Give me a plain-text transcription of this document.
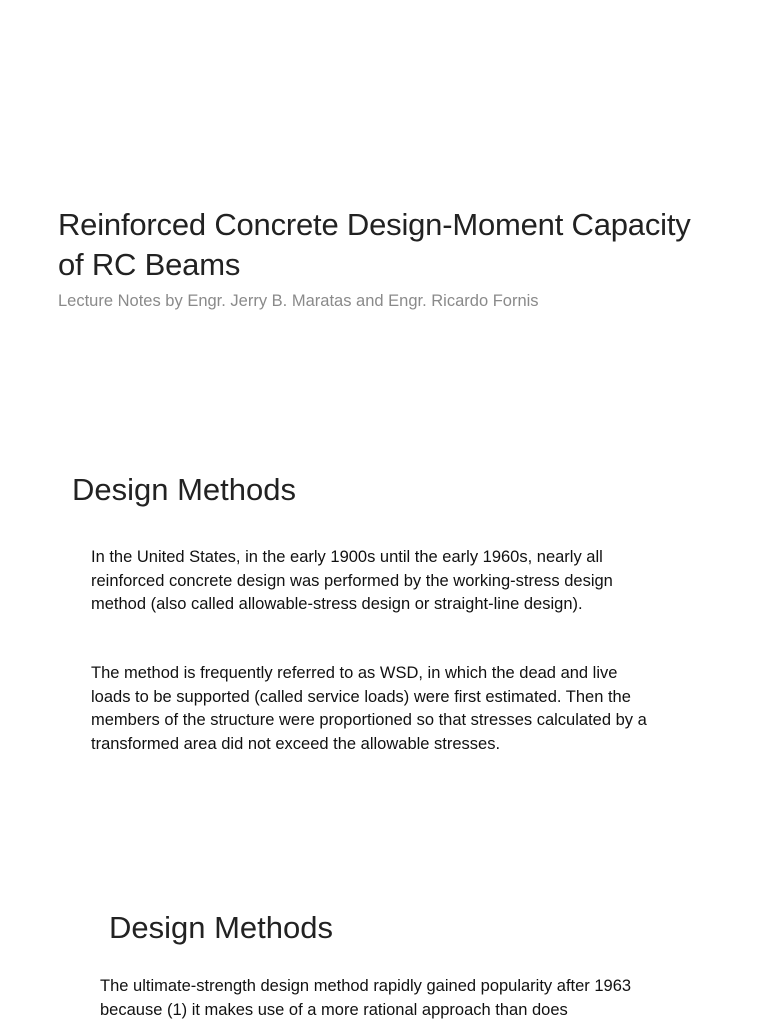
Reinforced Concrete Design-Moment Capacity of RC Beams

Lecture Notes by Engr. Jerry B. Maratas and Engr. Ricardo Fornis

Design Methods

In the United States, in the early 1900s until the early 1960s, nearly all reinforced concrete design was performed by the working-stress design method (also called allowable-stress design or straight-line design).

The method is frequently referred to as WSD, in which the dead and live loads to be supported (called service loads) were first estimated. Then the members of the structure were proportioned so that stresses calculated by a transformed area did not exceed the allowable stresses.

Design Methods

The ultimate-strength design method rapidly gained popularity after 1963 because (1) it makes use of a more rational approach than does
